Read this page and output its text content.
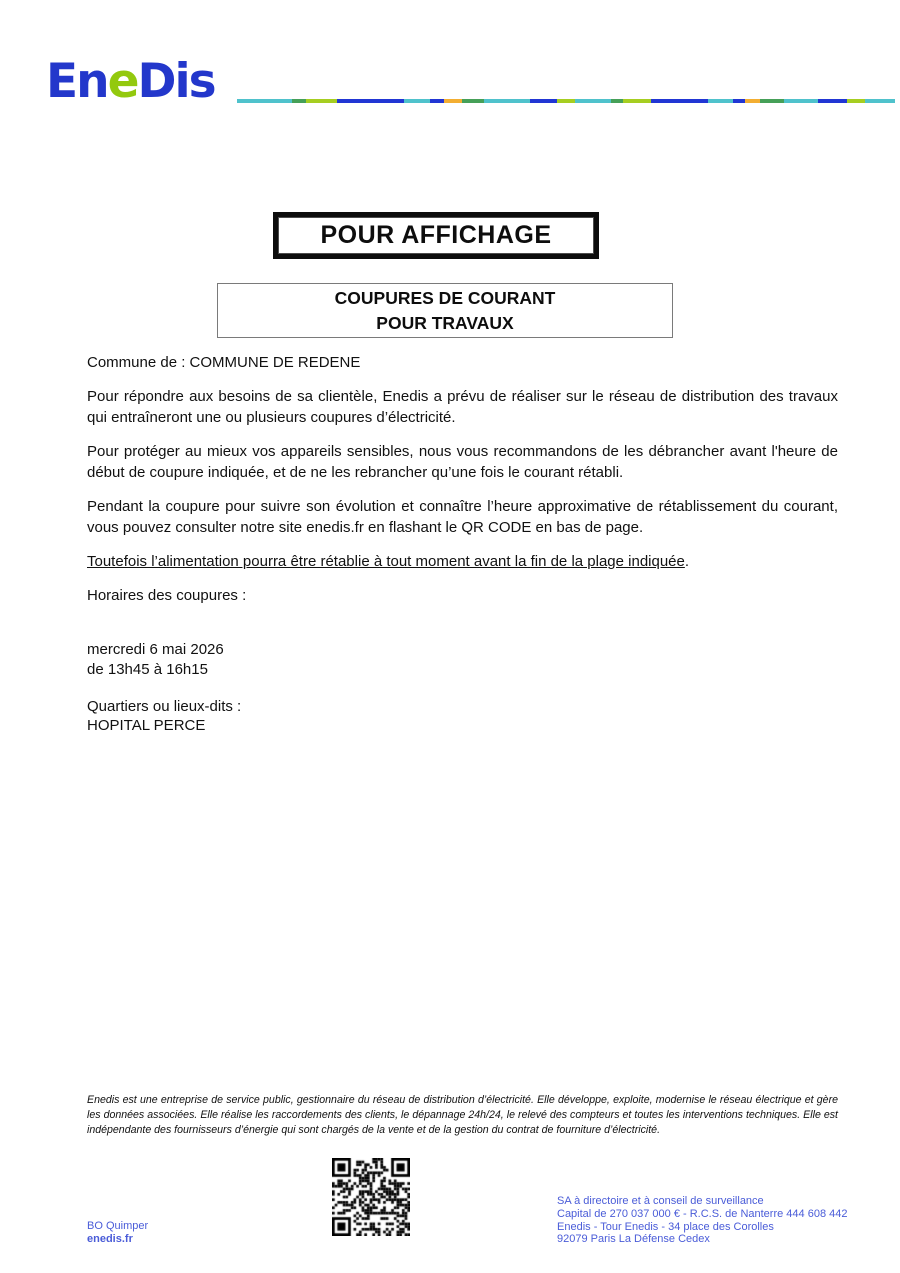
EneDis
POUR AFFICHAGE
COUPURES DE COURANT
POUR TRAVAUX

Commune de : COMMUNE DE REDENE

Pour répondre aux besoins de sa clientèle, Enedis a prévu de réaliser sur le réseau de distribution des travaux qui entraîneront une ou plusieurs coupures d’électricité.

Pour protéger au mieux vos appareils sensibles, nous vous recommandons de les débrancher avant l'heure de début de coupure indiquée, et de ne les rebrancher qu’une fois le courant rétabli.

Pendant la coupure pour suivre son évolution et connaître l’heure approximative de rétablissement du courant, vous pouvez consulter notre site enedis.fr en flashant le QR CODE en bas de page.

Toutefois l’alimentation pourra être rétablie à tout moment avant la fin de la plage indiquée.

Horaires des coupures :

mercredi 6 mai 2026
de 13h45 à 16h15
Quartiers ou lieux-dits :
HOPITAL PERCE
Enedis est une entreprise de service public, gestionnaire du réseau de distribution d’électricité. Elle développe, exploite, modernise le réseau électrique et gère les données associées. Elle réalise les raccordements des clients, le dépannage 24h/24, le relevé des compteurs et toutes les interventions techniques. Elle est indépendante des fournisseurs d’énergie qui sont chargés de la vente et de la gestion du contrat de fourniture d’électricité.
SA à directoire et à conseil de surveillance
Capital de 270 037 000 € - R.C.S. de Nanterre 444 608 442
Enedis - Tour Enedis - 34 place des Corolles
92079 Paris La Défense Cedex
BO Quimper
enedis.fr
